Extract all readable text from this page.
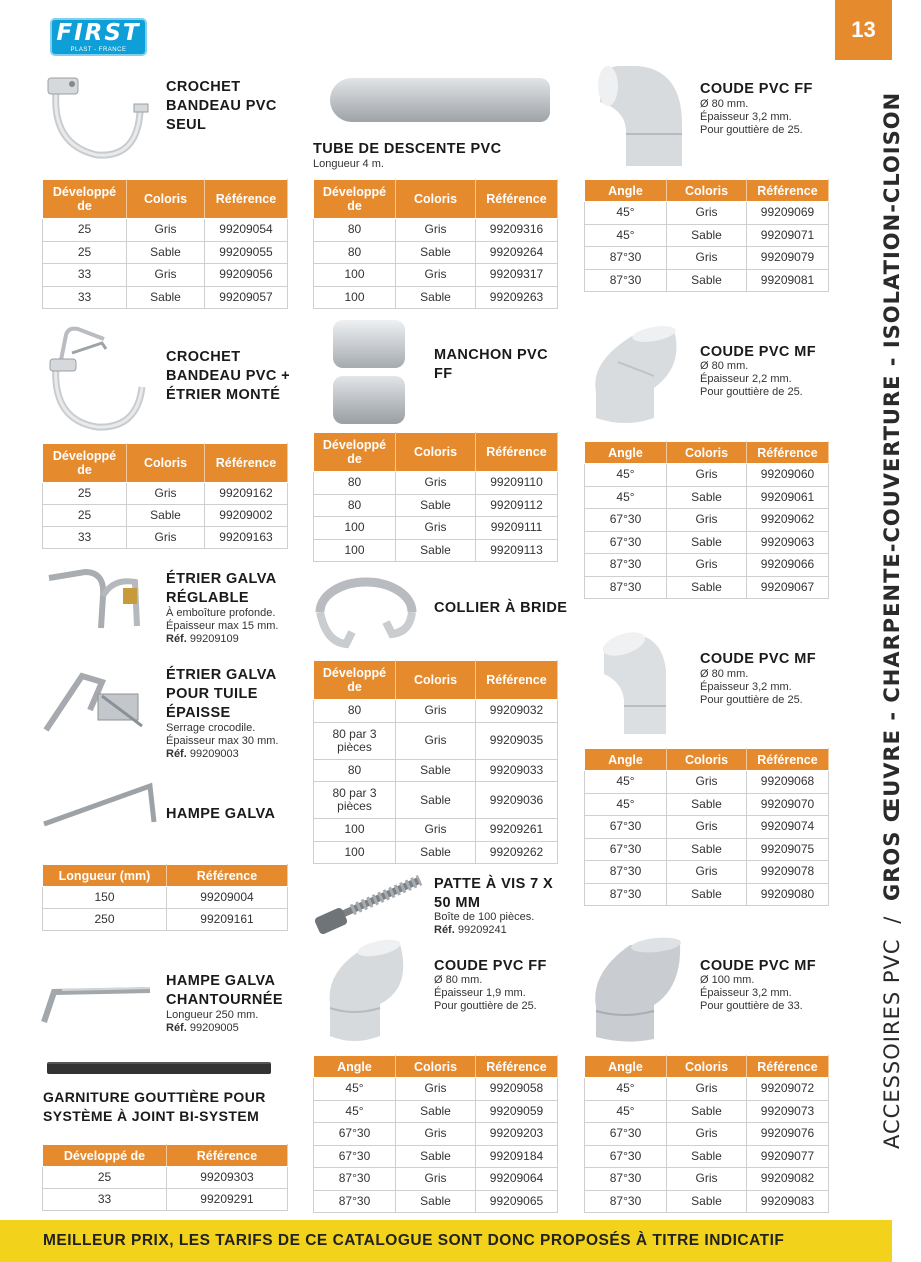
FIRST
PLAST - FRANCE
13
ACCESSOIRES PVC / GROS ŒUVRE - CHARPENTE-COUVERTURE - ISOLATION-CLOISON
CROCHET BANDEAU PVC SEUL
Développé de	Coloris	Référence
25	Gris	99209054
25	Sable	99209055
33	Gris	99209056
33	Sable	99209057
CROCHET BANDEAU PVC + ÉTRIER MONTÉ
Développé de	Coloris	Référence
25	Gris	99209162
25	Sable	99209002
33	Gris	99209163
ÉTRIER GALVA RÉGLABLE
À emboîture profonde.
Épaisseur max 15 mm.
Réf. 99209109
ÉTRIER GALVA POUR TUILE ÉPAISSE
Serrage crocodile.
Épaisseur max 30 mm.
Réf. 99209003
HAMPE GALVA
Longueur (mm)	Référence
150	99209004
250	99209161
HAMPE GALVA CHANTOURNÉE
Longueur 250 mm.
Réf. 99209005
GARNITURE GOUTTIÈRE POUR SYSTÈME À JOINT BI-SYSTEM
Développé de	Référence
25	99209303
33	99209291
TUBE DE DESCENTE PVC
Longueur 4 m.
Développé de	Coloris	Référence
80	Gris	99209316
80	Sable	99209264
100	Gris	99209317
100	Sable	99209263
MANCHON PVC FF
Développé de	Coloris	Référence
80	Gris	99209110
80	Sable	99209112
100	Gris	99209111
100	Sable	99209113
COLLIER À BRIDE
Développé de	Coloris	Référence
80	Gris	99209032
80 par 3 pièces	Gris	99209035
80	Sable	99209033
80 par 3 pièces	Sable	99209036
100	Gris	99209261
100	Sable	99209262
PATTE À VIS 7 X 50 MM
Boîte de 100 pièces.
Réf. 99209241
COUDE PVC FF
Ø 80 mm.
Épaisseur 1,9 mm.
Pour gouttière de 25.
Angle	Coloris	Référence
45°	Gris	99209058
45°	Sable	99209059
67°30	Gris	99209203
67°30	Sable	99209184
87°30	Gris	99209064
87°30	Sable	99209065
COUDE PVC FF
Ø 80 mm.
Épaisseur 3,2 mm.
Pour gouttière de 25.
Angle	Coloris	Référence
45°	Gris	99209069
45°	Sable	99209071
87°30	Gris	99209079
87°30	Sable	99209081
COUDE PVC MF
Ø 80 mm.
Épaisseur 2,2 mm.
Pour gouttière de 25.
Angle	Coloris	Référence
45°	Gris	99209060
45°	Sable	99209061
67°30	Gris	99209062
67°30	Sable	99209063
87°30	Gris	99209066
87°30	Sable	99209067
COUDE PVC MF
Ø 80 mm.
Épaisseur 3,2 mm.
Pour gouttière de 25.
Angle	Coloris	Référence
45°	Gris	99209068
45°	Sable	99209070
67°30	Gris	99209074
67°30	Sable	99209075
87°30	Gris	99209078
87°30	Sable	99209080
COUDE PVC MF
Ø 100 mm.
Épaisseur 3,2 mm.
Pour gouttière de 33.
Angle	Coloris	Référence
45°	Gris	99209072
45°	Sable	99209073
67°30	Gris	99209076
67°30	Sable	99209077
87°30	Gris	99209082
87°30	Sable	99209083
MEILLEUR PRIX, LES TARIFS DE CE CATALOGUE SONT DONC PROPOSÉS À TITRE INDICATIF
